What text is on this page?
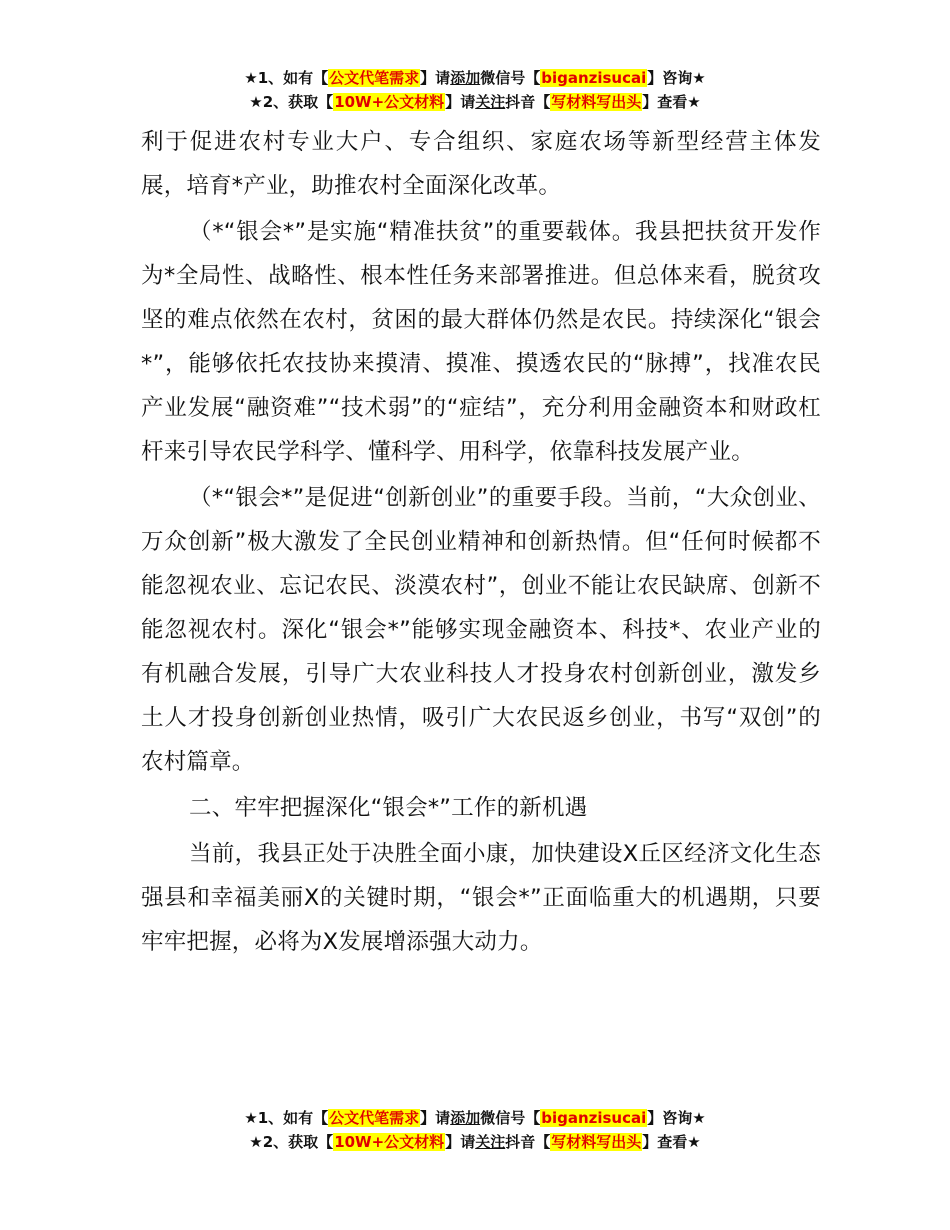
★1、如有【公文代笔需求】请添加微信号【biganzisucai】咨询★
★2、获取【10W+公文材料】请关注抖音【写材料写出头】查看★

利于促进农村专业大户、专合组织、家庭农场等新型经营主体发展，培育*产业，助推农村全面深化改革。

（*“银会*”是实施“精准扶贫”的重要载体。我县把扶贫开发作为*全局性、战略性、根本性任务来部署推进。但总体来看，脱贫攻坚的难点依然在农村，贫困的最大群体仍然是农民。持续深化“银会*”，能够依托农技协来摸清、摸准、摸透农民的“脉搏”，找准农民产业发展“融资难”“技术弱”的“症结”，充分利用金融资本和财政杠杆来引导农民学科学、懂科学、用科学，依靠科技发展产业。

（*“银会*”是促进“创新创业”的重要手段。当前，“大众创业、万众创新”极大激发了全民创业精神和创新热情。但“任何时候都不能忽视农业、忘记农民、淡漠农村”，创业不能让农民缺席、创新不能忽视农村。深化“银会*”能够实现金融资本、科技*、农业产业的有机融合发展，引导广大农业科技人才投身农村创新创业，激发乡土人才投身创新创业热情，吸引广大农民返乡创业，书写“双创”的农村篇章。

二、牢牢把握深化“银会*”工作的新机遇

当前，我县正处于决胜全面小康，加快建设X丘区经济文化生态强县和幸福美丽X的关键时期，“银会*”正面临重大的机遇期，只要牢牢把握，必将为X发展增添强大动力。

★1、如有【公文代笔需求】请添加微信号【biganzisucai】咨询★
★2、获取【10W+公文材料】请关注抖音【写材料写出头】查看★
